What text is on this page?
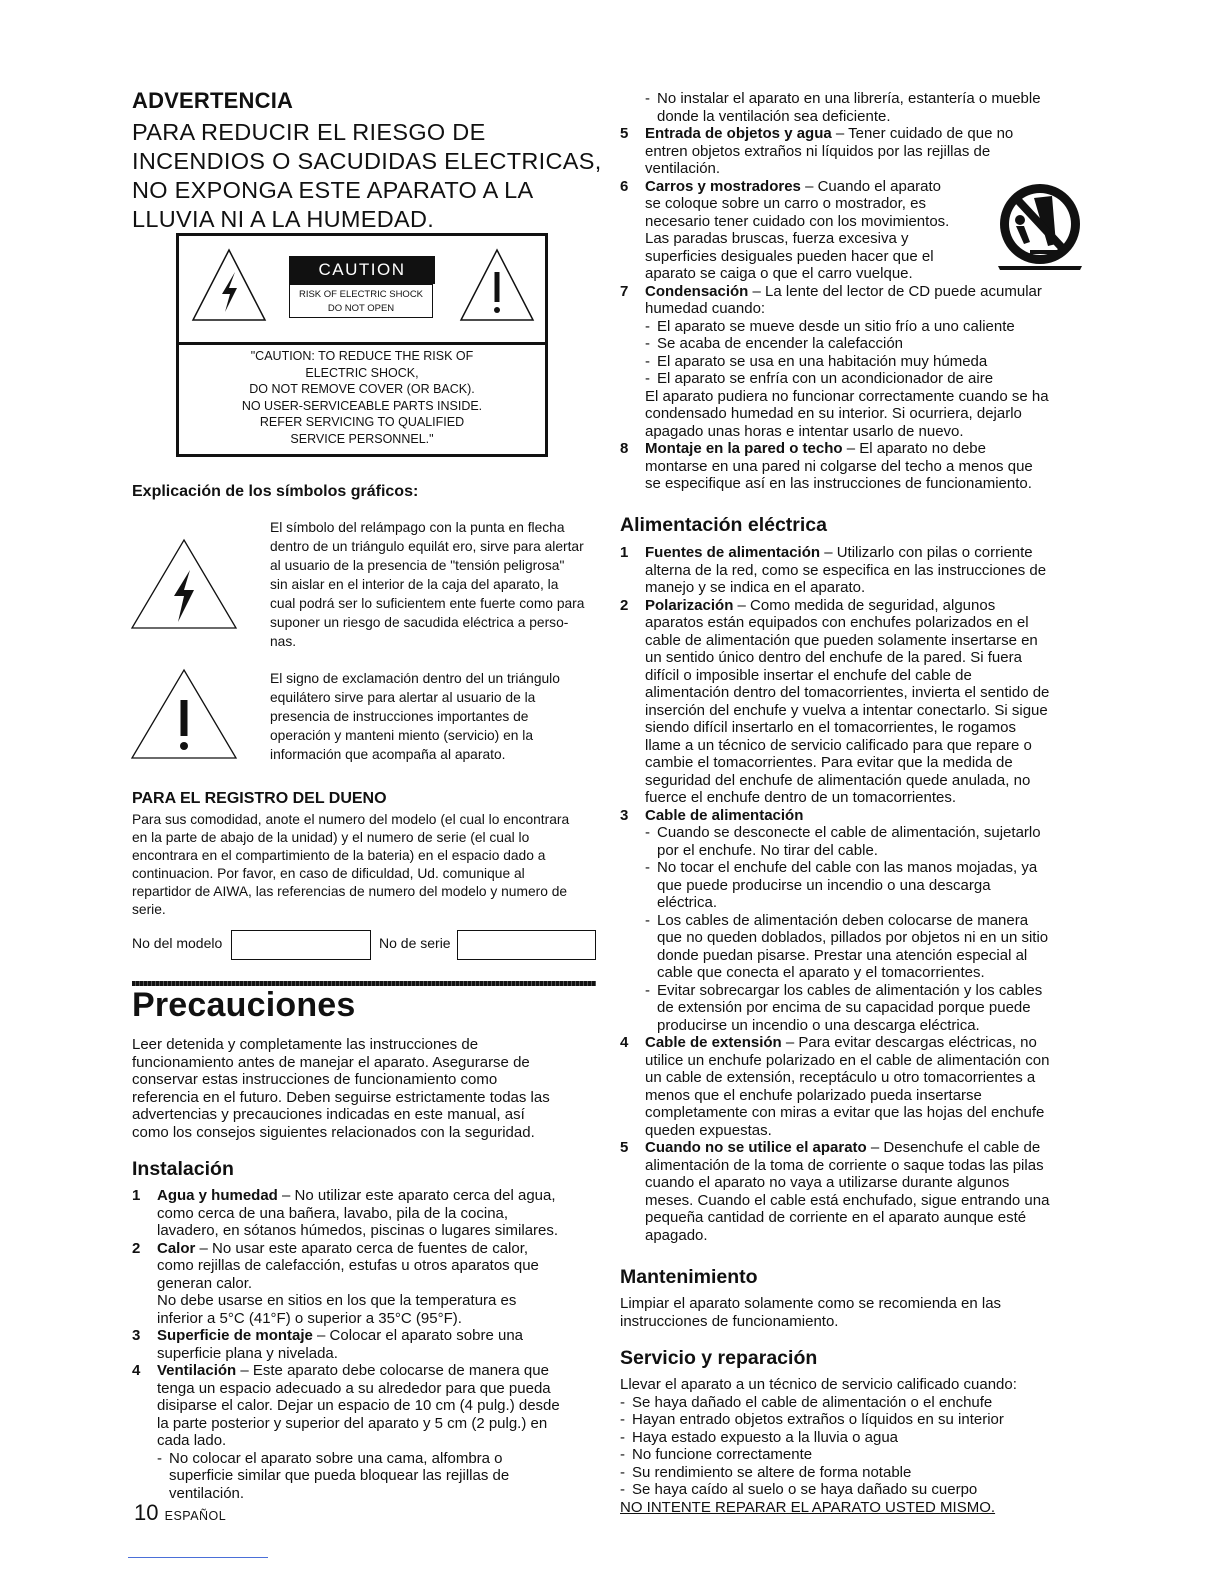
ADVERTENCIA
PARA REDUCIR EL RIESGO DE
INCENDIOS O SACUDIDAS ELECTRICAS,
NO EXPONGA ESTE APARATO A LA
LLUVIA NI A LA HUMEDAD.
CAUTION
RISK OF ELECTRIC SHOCK
DO NOT OPEN
"CAUTION: TO REDUCE THE RISK OF
ELECTRIC SHOCK,
DO NOT REMOVE COVER (OR BACK).
NO USER-SERVICEABLE PARTS INSIDE.
REFER SERVICING TO QUALIFIED
SERVICE PERSONNEL."
Explicación de los símbolos gráficos:
El símbolo del relámpago con la punta en flecha
dentro de un triángulo equilát ero, sirve para alertar
al usuario de la presencia de "tensión peligrosa"
sin aislar en el interior de la caja del aparato, la
cual podrá ser lo suficientem ente fuerte como para
suponer un riesgo de sacudida eléctrica a perso-
nas.
El signo de exclamación dentro del un triángulo
equilátero sirve para alertar al usuario de la
presencia de instrucciones importantes de
operación y manteni miento (servicio) en la
información que acompaña al aparato.
PARA EL REGISTRO DEL DUENO
Para sus comodidad, anote el numero del modelo (el cual lo encontrara
en la parte de abajo de la unidad) y el numero de serie (el cual lo
encontrara en el compartimiento de la bateria) en el espacio dado a
continuacion. Por favor, en caso de dificuldad, Ud. comunique al
repartidor de AIWA, las referencias de numero del modelo y numero de
serie.
No del modelo	No de serie
Precauciones
Leer detenida y completamente las instrucciones de
funcionamiento antes de manejar el aparato. Asegurarse de
conservar estas instrucciones de funcionamiento como
referencia en el futuro. Deben seguirse estrictamente todas las
advertencias y precauciones indicadas en este manual, así
como los consejos siguientes relacionados con la seguridad.
Instalación
1 Agua y humedad – No utilizar este aparato cerca del agua,
como cerca de una bañera, lavabo, pila de la cocina,
lavadero, en sótanos húmedos, piscinas o lugares similares.
2 Calor – No usar este aparato cerca de fuentes de calor,
como rejillas de calefacción, estufas u otros aparatos que
generan calor.
No debe usarse en sitios en los que la temperatura es
inferior a 5°C (41°F) o superior a 35°C (95°F).
3 Superficie de montaje – Colocar el aparato sobre una
superficie plana y nivelada.
4 Ventilación – Este aparato debe colocarse de manera que
tenga un espacio adecuado a su alrededor para que pueda
disiparse el calor. Dejar un espacio de 10 cm (4 pulg.) desde
la parte posterior y superior del aparato y 5 cm (2 pulg.) en
cada lado.
- No colocar el aparato sobre una cama, alfombra o
superficie similar que pueda bloquear las rejillas de
ventilación.
10 ESPAÑOL
- No instalar el aparato en una librería, estantería o mueble
donde la ventilación sea deficiente.
5 Entrada de objetos y agua – Tener cuidado de que no
entren objetos extraños ni líquidos por las rejillas de
ventilación.
6 Carros y mostradores – Cuando el aparato
se coloque sobre un carro o mostrador, es
necesario tener cuidado con los movimientos.
Las paradas bruscas, fuerza excesiva y
superficies desiguales pueden hacer que el
aparato se caiga o que el carro vuelque.
7 Condensación – La lente del lector de CD puede acumular
humedad cuando:
- El aparato se mueve desde un sitio frío a uno caliente
- Se acaba de encender la calefacción
- El aparato se usa en una habitación muy húmeda
- El aparato se enfría con un acondicionador de aire
El aparato pudiera no funcionar correctamente cuando se ha
condensado humedad en su interior. Si ocurriera, dejarlo
apagado unas horas e intentar usarlo de nuevo.
8 Montaje en la pared o techo – El aparato no debe
montarse en una pared ni colgarse del techo a menos que
se especifique así en las instrucciones de funcionamiento.
Alimentación eléctrica
1 Fuentes de alimentación – Utilizarlo con pilas o corriente
alterna de la red, como se especifica en las instrucciones de
manejo y se indica en el aparato.
2 Polarización – Como medida de seguridad, algunos
aparatos están equipados con enchufes polarizados en el
cable de alimentación que pueden solamente insertarse en
un sentido único dentro del enchufe de la pared. Si fuera
difícil o imposible insertar el enchufe del cable de
alimentación dentro del tomacorrientes, invierta el sentido de
inserción del enchufe y vuelva a intentar conectarlo. Si sigue
siendo difícil insertarlo en el tomacorrientes, le rogamos
llame a un técnico de servicio calificado para que repare o
cambie el tomacorrientes. Para evitar que la medida de
seguridad del enchufe de alimentación quede anulada, no
fuerce el enchufe dentro de un tomacorrientes.
3 Cable de alimentación
- Cuando se desconecte el cable de alimentación, sujetarlo
por el enchufe. No tirar del cable.
- No tocar el enchufe del cable con las manos mojadas, ya
que puede producirse un incendio o una descarga
eléctrica.
- Los cables de alimentación deben colocarse de manera
que no queden doblados, pillados por objetos ni en un sitio
donde puedan pisarse. Prestar una atención especial al
cable que conecta el aparato y el tomacorrientes.
- Evitar sobrecargar los cables de alimentación y los cables
de extensión por encima de su capacidad porque puede
producirse un incendio o una descarga eléctrica.
4 Cable de extensión – Para evitar descargas eléctricas, no
utilice un enchufe polarizado en el cable de alimentación con
un cable de extensión, receptáculo u otro tomacorrientes a
menos que el enchufe polarizado pueda insertarse
completamente con miras a evitar que las hojas del enchufe
queden expuestas.
5 Cuando no se utilice el aparato – Desenchufe el cable de
alimentación de la toma de corriente o saque todas las pilas
cuando el aparato no vaya a utilizarse durante algunos
meses. Cuando el cable está enchufado, sigue entrando una
pequeña cantidad de corriente en el aparato aunque esté
apagado.
Mantenimiento
Limpiar el aparato solamente como se recomienda en las
instrucciones de funcionamiento.
Servicio y reparación
Llevar el aparato a un técnico de servicio calificado cuando:
- Se haya dañado el cable de alimentación o el enchufe
- Hayan entrado objetos extraños o líquidos en su interior
- Haya estado expuesto a la lluvia o agua
- No funcione correctamente
- Su rendimiento se altere de forma notable
- Se haya caído al suelo o se haya dañado su cuerpo
NO INTENTE REPARAR EL APARATO USTED MISMO.
